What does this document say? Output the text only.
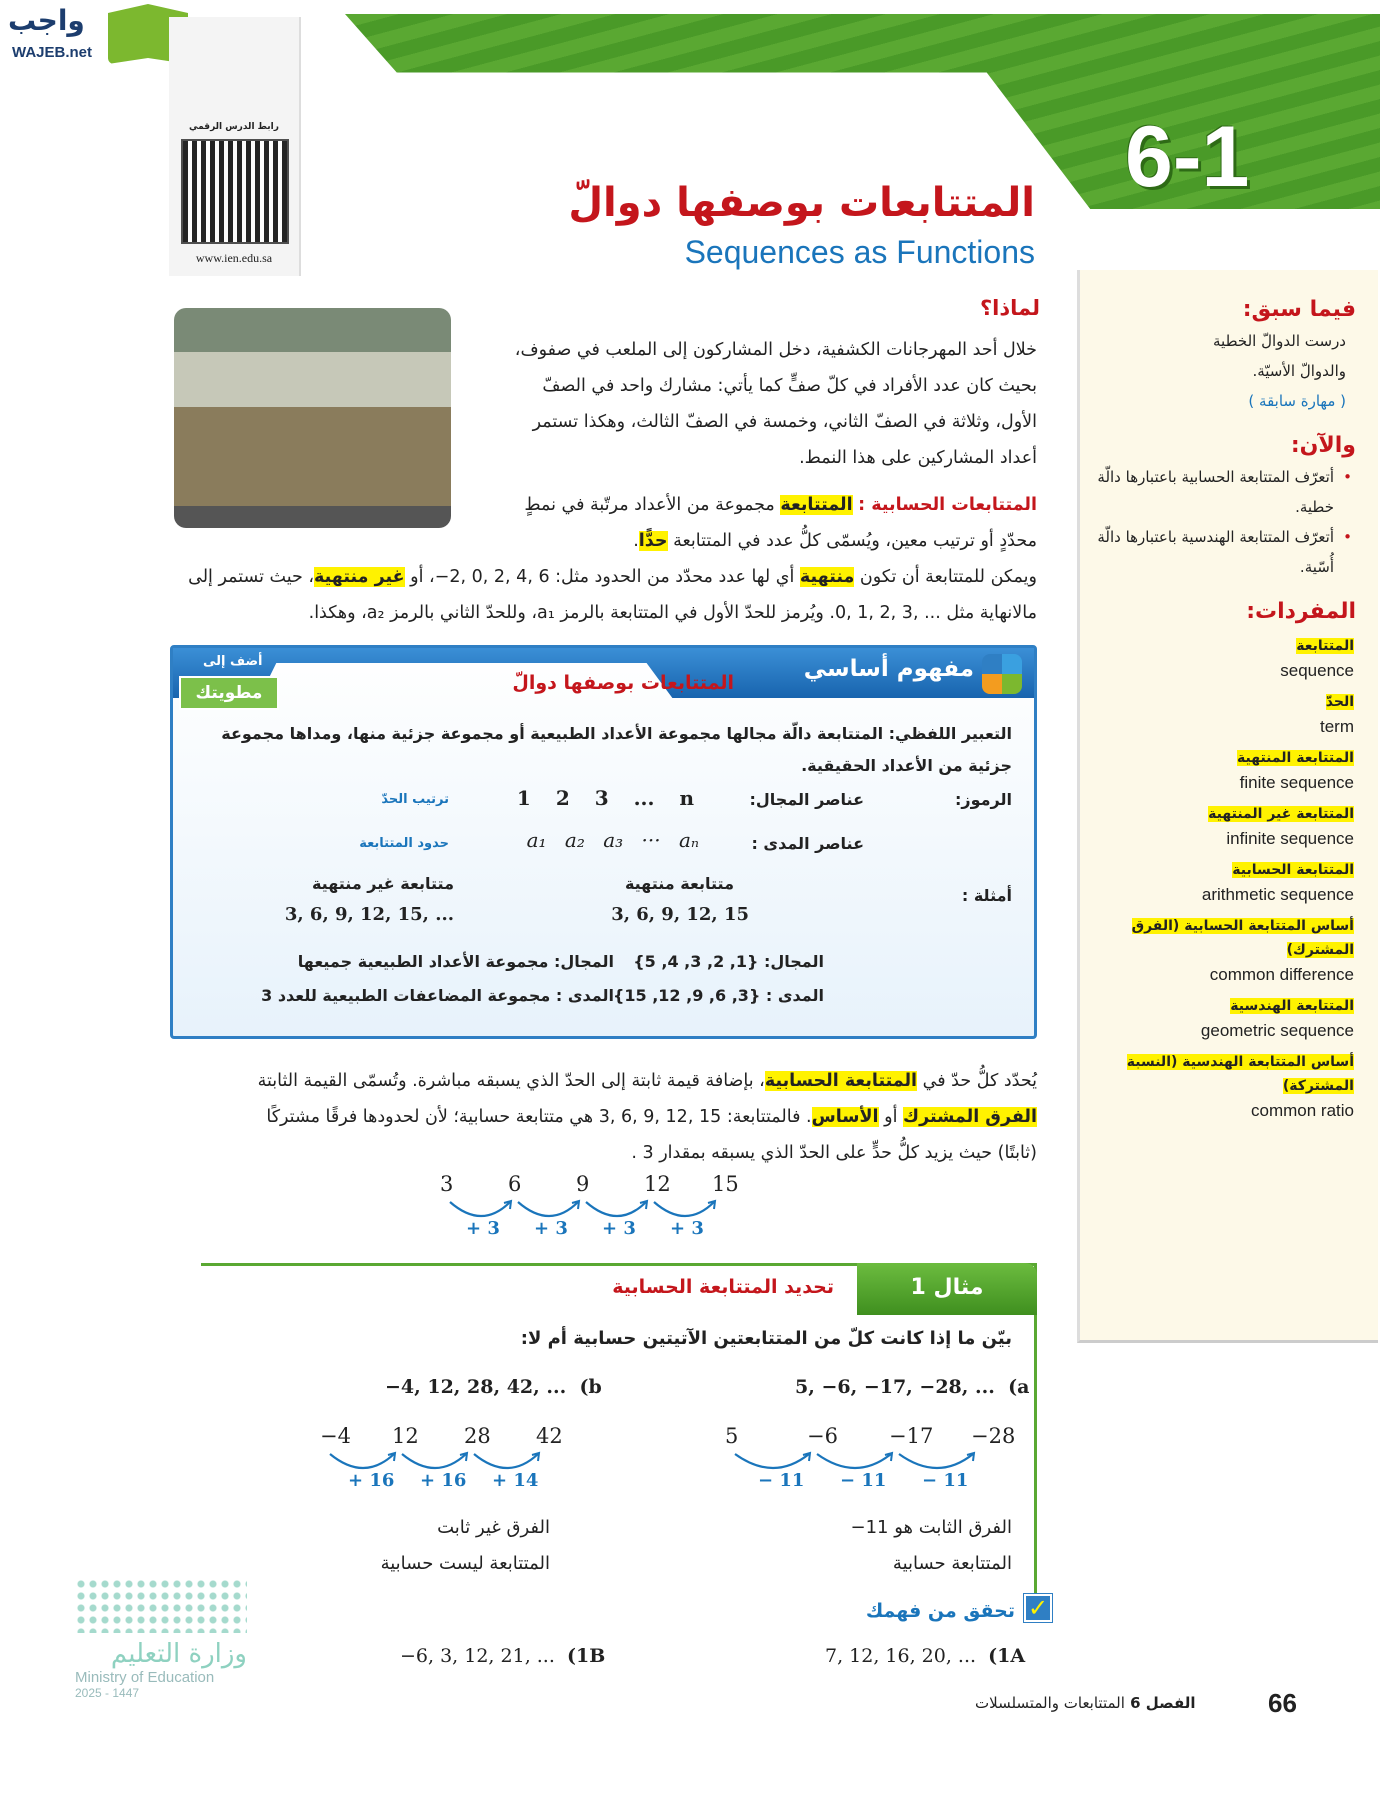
6-1
المتتابعات بوصفها دوالّ
Sequences as Functions
واجب
WAJEB.net
رابط الدرس الرقمي
www.ien.edu.sa
فيما سبق:
درست الدوالّ الخطية والدوالّ الأسيّة.
( مهارة سابقة )
والآن:
•
أتعرّف المتتابعة الحسابية باعتبارها دالّة خطية.
•
أتعرّف المتتابعة الهندسية باعتبارها دالّة أُسّية.
المفردات:
المتتابعة
sequence
الحدّ
term
المتتابعة المنتهية
finite sequence
المتتابعة غير المنتهية
infinite sequence
المتتابعة الحسابية
arithmetic sequence
أساس المتتابعة الحسابية (الفرق المشترك)
common difference
المتتابعة الهندسية
geometric sequence
أساس المتتابعة الهندسية (النسبة المشتركة)
common ratio
لماذا؟
خلال أحد المهرجانات الكشفية، دخل المشاركون إلى الملعب في صفوف، بحيث كان عدد الأفراد في كلّ صفٍّ كما يأتي: مشارك واحد في الصفّ الأول، وثلاثة في الصفّ الثاني، وخمسة في الصفّ الثالث، وهكذا تستمر أعداد المشاركين على هذا النمط.
المتتابعات الحسابية : المتتابعة مجموعة من الأعداد مرتّبة في نمطٍ محدّدٍ أو ترتيب معين، ويُسمّى كلُّ عدد في المتتابعة حدًّا.
ويمكن للمتتابعة أن تكون منتهية أي لها عدد محدّد من الحدود مثل: 6 ,4 ,2 ,0 ,2−، أو غير منتهية، حيث تستمر إلى مالانهاية مثل ... ,3 ,2 ,1 ,0. ويُرمز للحدّ الأول في المتتابعة بالرمز a₁، وللحدّ الثاني بالرمز a₂، وهكذا.
مفهوم أساسي
المتتابعات بوصفها دوالّ
أضف إلى
مطويتك
التعبير اللفظي: المتتابعة دالّة مجالها مجموعة الأعداد الطبيعية أو مجموعة جزئية منها، ومداها مجموعة جزئية من الأعداد الحقيقية.
الرموز:
عناصر المجال:
1 2 3 ... n
ترتيب الحدّ
عناصر المدى :
a₁ a₂ a₃ ··· aₙ
حدود المتتابعة
أمثلة :
متتابعة منتهية
3, 6, 9, 12, 15
متتابعة غير منتهية
3, 6, 9, 12, 15, ...
المجال: {1, 2, 3, 4, 5}
المدى : {3, 6, 9, 12, 15}
المجال: مجموعة الأعداد الطبيعية جميعها
المدى : مجموعة المضاعفات الطبيعية للعدد 3
يُحدّد كلُّ حدّ في المتتابعة الحسابية، بإضافة قيمة ثابتة إلى الحدّ الذي يسبقه مباشرة. وتُسمّى القيمة الثابتة الفرق المشترك أو الأساس. فالمتتابعة: 15 ,12 ,9 ,6 ,3 هي متتابعة حسابية؛ لأن لحدودها فرقًا مشتركًا (ثابتًا) حيث يزيد كلُّ حدٍّ على الحدّ الذي يسبقه بمقدار 3 .
3	6	9	12 15
+ 3 + 3 + 3 + 3
مثال 1
تحديد المتتابعة الحسابية
بيّن ما إذا كانت كلّ من المتتابعتين الآتيتين حسابية أم لا:
5, −6, −17, −28, ... (a
−4, 12, 28, 42, ... (b
5	−6 −17 −28
− 11 − 11 − 11
−4 12 28 42
+ 16 + 16 + 14
الفرق الثابت هو 11−
المتتابعة حسابية
الفرق غير ثابت
المتتابعة ليست حسابية
✓
تحقق من فهمك
7, 12, 16, 20, ... (1A
−6, 3, 12, 21, ... (1B
وزارة التعليم
Ministry of Education
2025 - 1447
الفصل 6 المتتابعات والمتسلسلات	66
